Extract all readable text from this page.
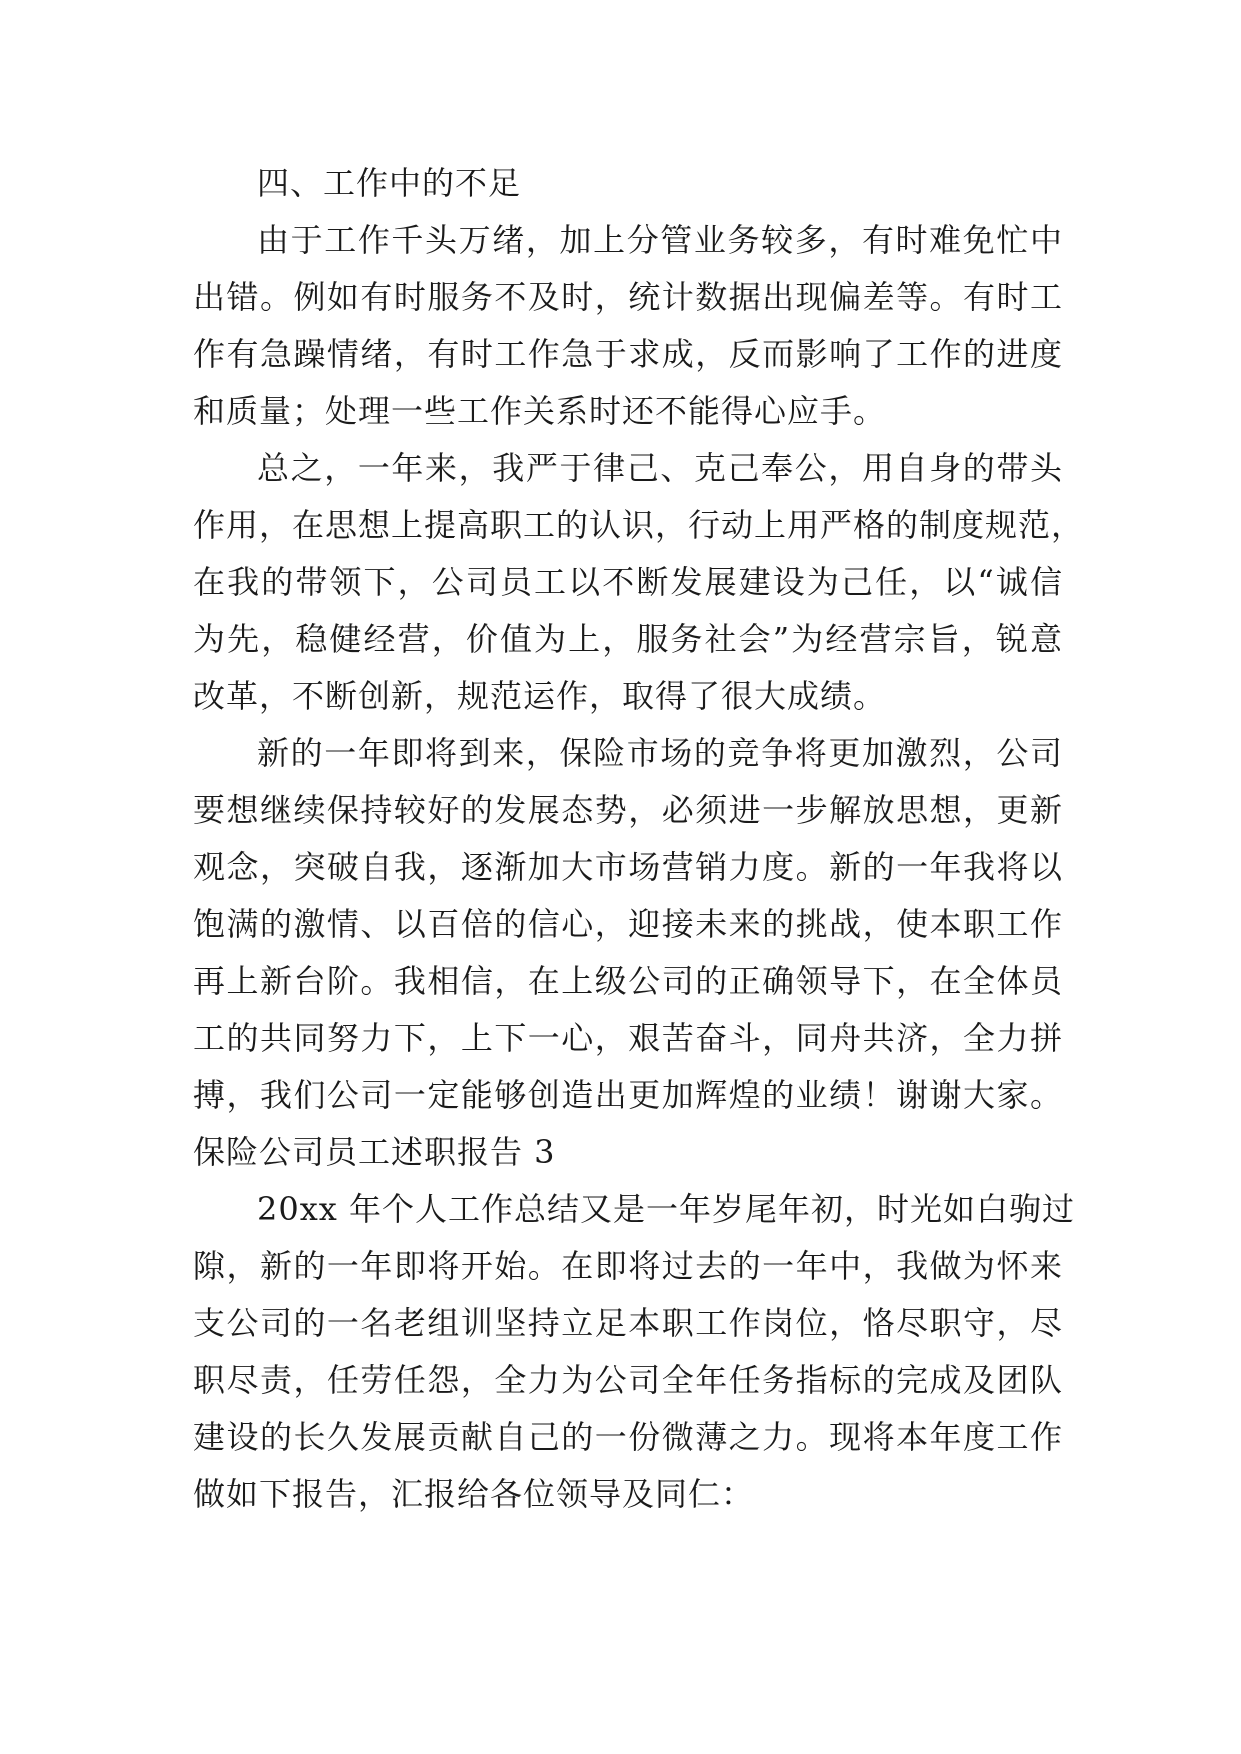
四、工作中的不足
由于工作千头万绪，加上分管业务较多，有时难免忙中
出错。例如有时服务不及时，统计数据出现偏差等。有时工
作有急躁情绪，有时工作急于求成，反而影响了工作的进度
和质量；处理一些工作关系时还不能得心应手。
总之，一年来，我严于律己、克己奉公，用自身的带头
作用，在思想上提高职工的认识，行动上用严格的制度规范，
在我的带领下，公司员工以不断发展建设为己任，以“诚信
为先，稳健经营，价值为上，服务社会”为经营宗旨，锐意
改革，不断创新，规范运作，取得了很大成绩。
新的一年即将到来，保险市场的竞争将更加激烈，公司
要想继续保持较好的发展态势，必须进一步解放思想，更新
观念，突破自我，逐渐加大市场营销力度。新的一年我将以
饱满的激情、以百倍的信心，迎接未来的挑战，使本职工作
再上新台阶。我相信，在上级公司的正确领导下，在全体员
工的共同努力下，上下一心，艰苦奋斗，同舟共济，全力拼
搏，我们公司一定能够创造出更加辉煌的业绩！谢谢大家。
保险公司员工述职报告 3
20xx 年个人工作总结又是一年岁尾年初，时光如白驹过
隙，新的一年即将开始。在即将过去的一年中，我做为怀来
支公司的一名老组训坚持立足本职工作岗位，恪尽职守，尽
职尽责，任劳任怨，全力为公司全年任务指标的完成及团队
建设的长久发展贡献自己的一份微薄之力。现将本年度工作
做如下报告，汇报给各位领导及同仁：
